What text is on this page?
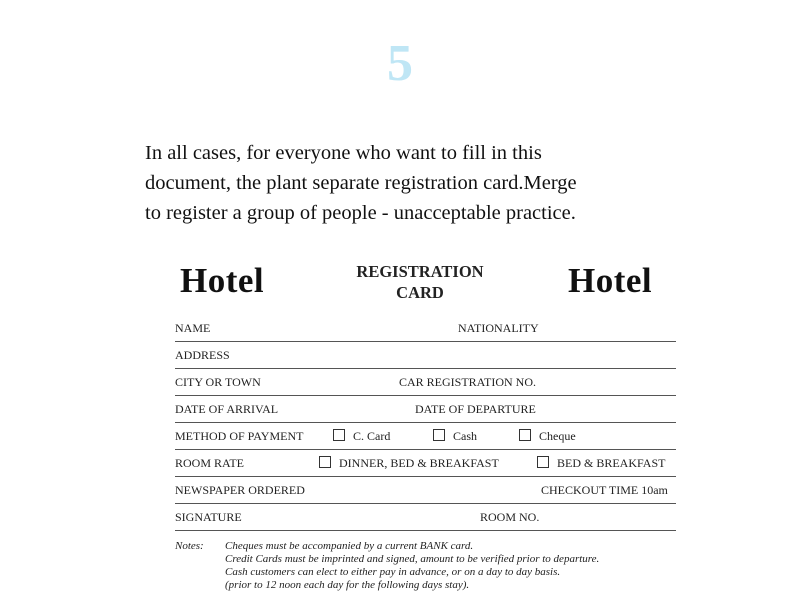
5
In all cases, for everyone who want to fill in this
document, the plant separate registration card.Merge
to register a group of people - unacceptable practice.
Hotel	REGISTRATION
CARD	Hotel
NAME	NATIONALITY
ADDRESS
CITY OR TOWN	CAR REGISTRATION NO.
DATE OF ARRIVAL	DATE OF DEPARTURE
METHOD OF PAYMENT	C. Card	Cash	Cheque
ROOM RATE	DINNER, BED & BREAKFAST	BED & BREAKFAST
NEWSPAPER ORDERED	CHECKOUT TIME 10am
SIGNATURE	ROOM NO.
Notes: Cheques must be accompanied by a current BANK card.
Credit Cards must be imprinted and signed, amount to be verified prior to departure.
Cash customers can elect to either pay in advance, or on a day to day basis.
(prior to 12 noon each day for the following days stay).
